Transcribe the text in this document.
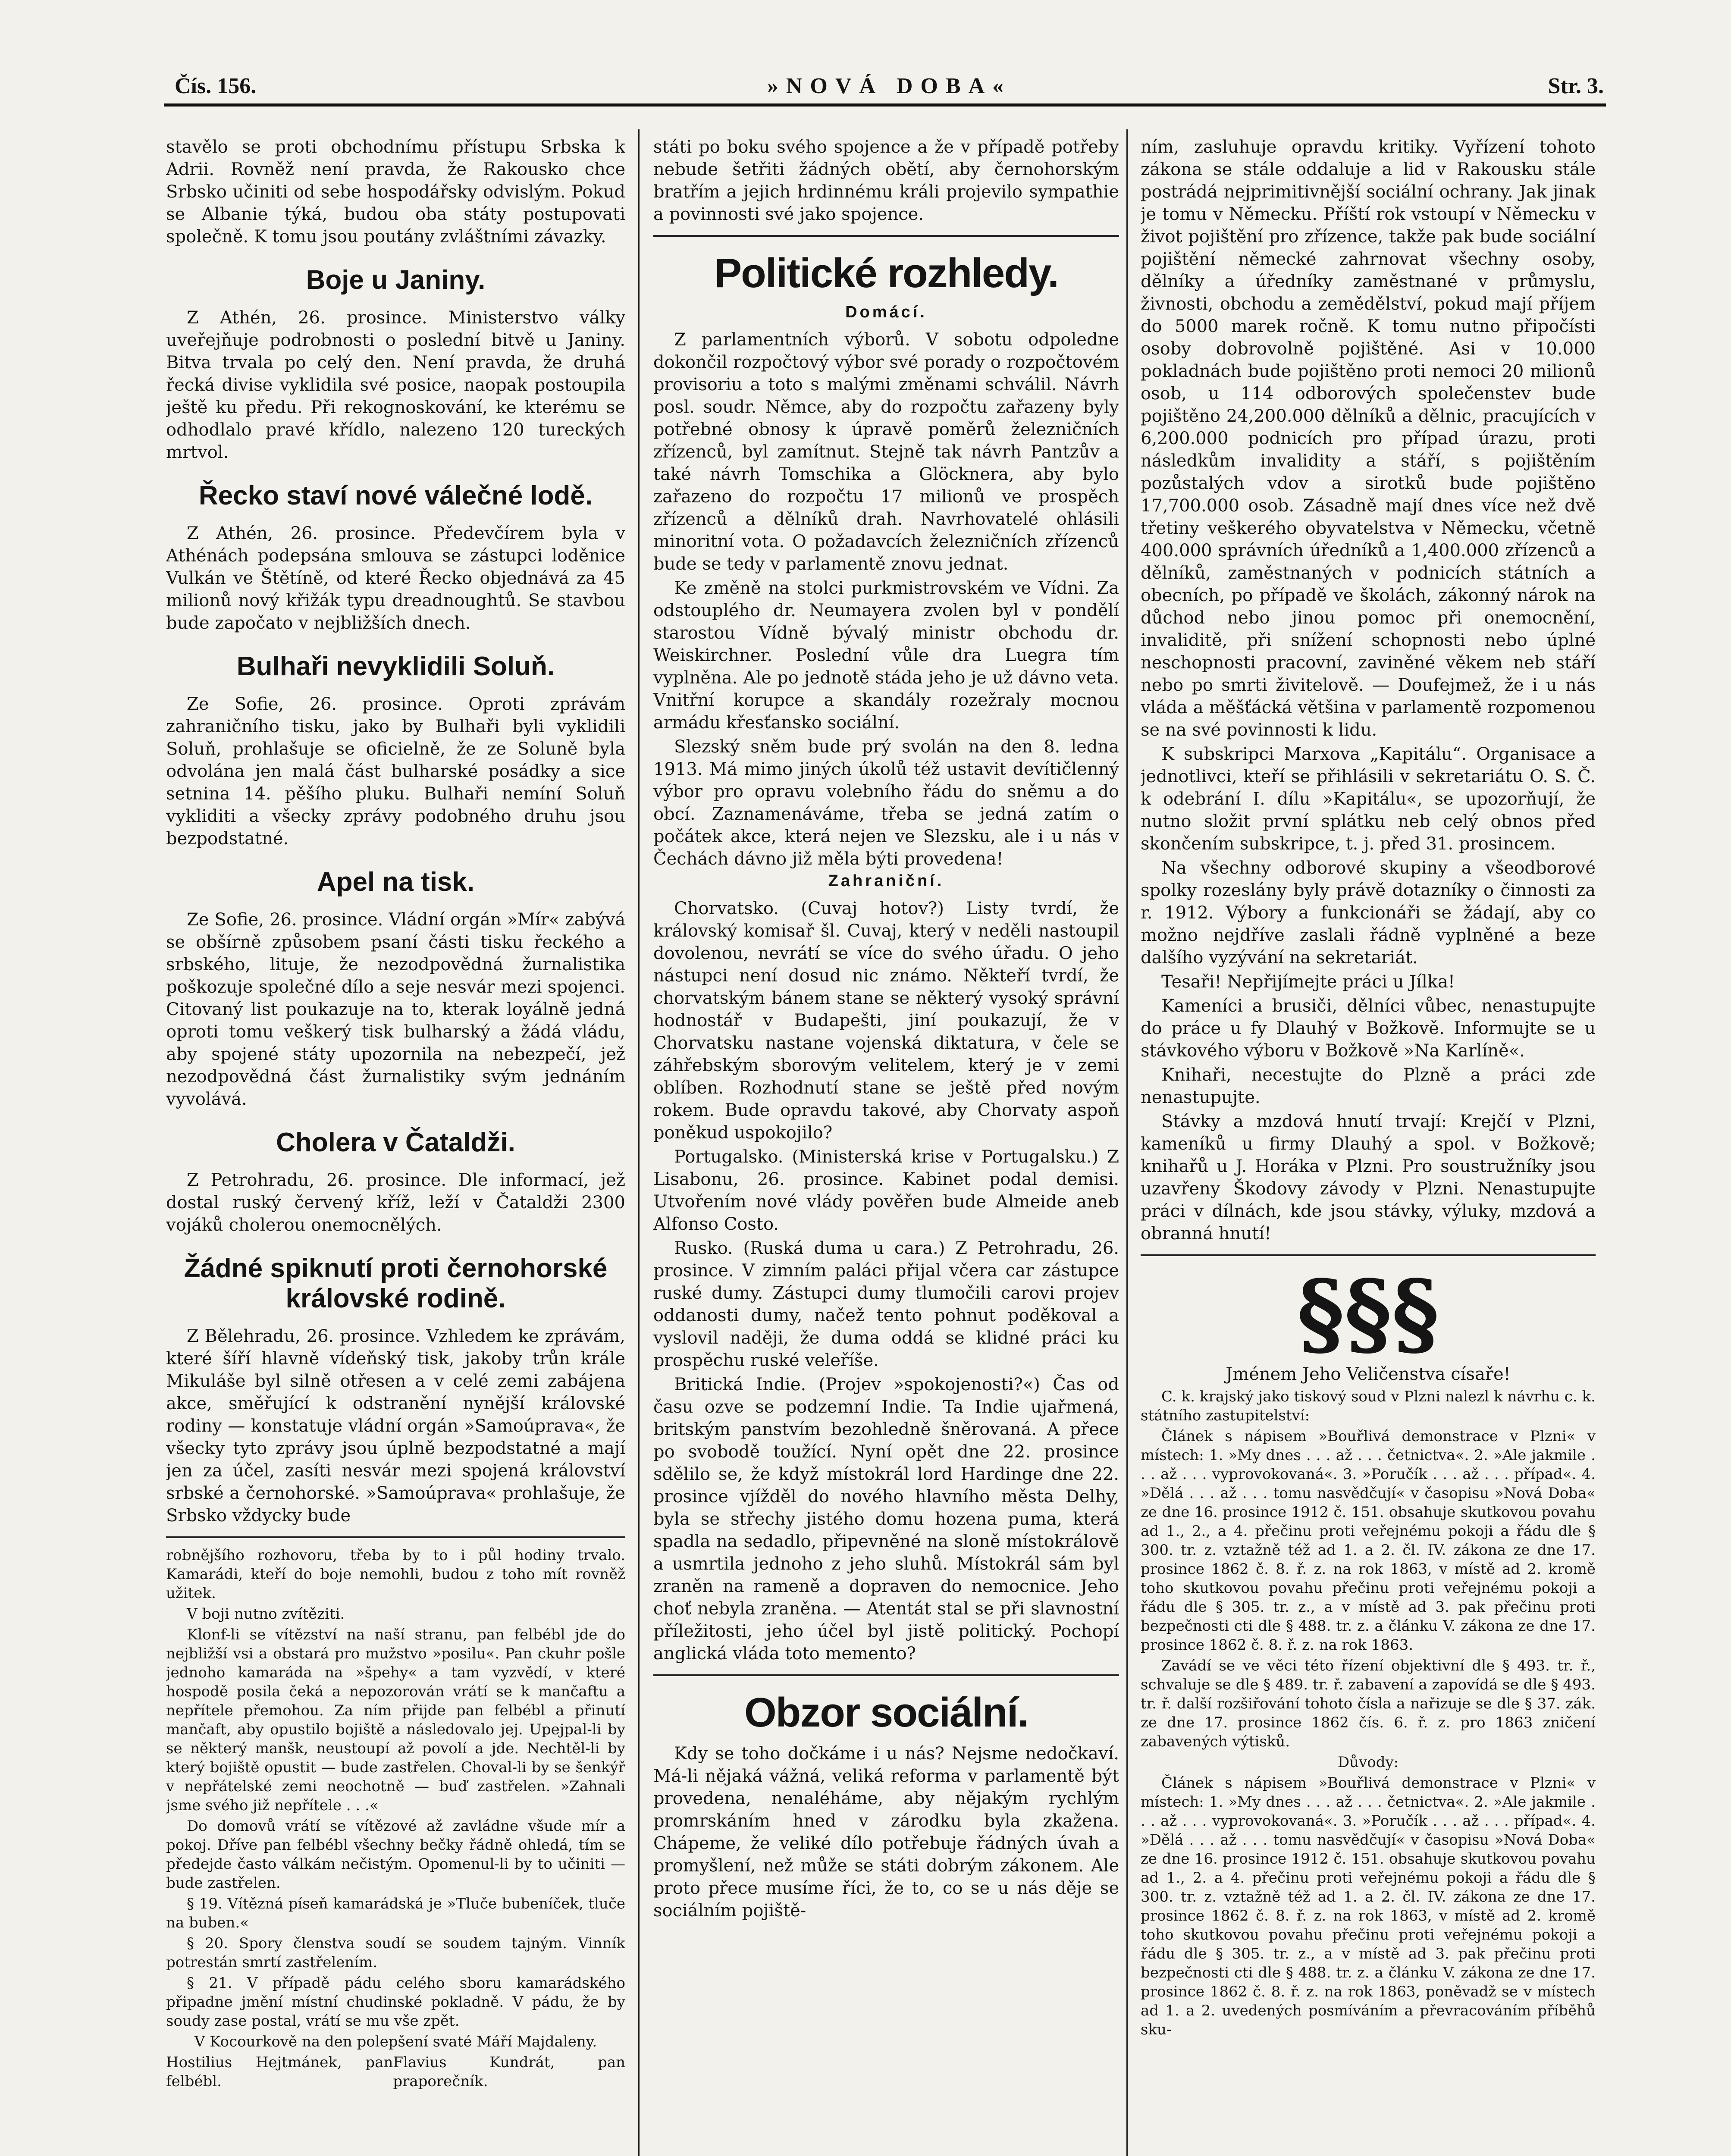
Čís. 156.	»NOVÁ DOBA«	Str. 3.

stavělo se proti obchodnímu přístupu Srbska k Adrii. Rovněž není pravda, že Rakousko chce Srbsko učiniti od sebe hospodářsky odvislým. Pokud se Albanie týká, budou oba státy postupovati společně. K tomu jsou poutány zvláštními závazky.

Boje u Janiny.

Z Athén, 26. prosince. Ministerstvo války uveřejňuje podrobnosti o poslední bitvě u Janiny. Bitva trvala po celý den. Není pravda, že druhá řecká divise vyklidila své posice, naopak postoupila ještě ku předu. Při rekognoskování, ke kterému se odhodlalo pravé křídlo, nalezeno 120 tureckých mrtvol.

Řecko staví nové válečné lodě.

Z Athén, 26. prosince. Předevčírem byla v Athénách podepsána smlouva se zástupci loděnice Vulkán ve Štětíně, od které Řecko objednává za 45 milionů nový křižák typu dreadnoughtů. Se stavbou bude započato v nejbližších dnech.

Bulhaři nevyklidili Soluň.

Ze Sofie, 26. prosince. Oproti zprávám zahraničního tisku, jako by Bulhaři byli vyklidili Soluň, prohlašuje se oficielně, že ze Soluně byla odvolána jen malá část bulharské posádky a sice setnina 14. pěšího pluku. Bulhaři nemíní Soluň vykliditi a všecky zprávy podobného druhu jsou bezpodstatné.

Apel na tisk.

Ze Sofie, 26. prosince. Vládní orgán »Mír« zabývá se obšírně způsobem psaní části tisku řeckého a srbského, lituje, že nezodpovědná žurnalistika poškozuje společné dílo a seje nesvár mezi spojenci. Citovaný list poukazuje na to, kterak loyálně jedná oproti tomu veškerý tisk bulharský a žádá vládu, aby spojené státy upozornila na nebezpečí, jež nezodpovědná část žurnalistiky svým jednáním vyvolává.

Cholera v Čataldži.

Z Petrohradu, 26. prosince. Dle informací, jež dostal ruský červený kříž, leží v Čataldži 2300 vojáků cholerou onemocnělých.

Žádné spiknutí proti černohorské královské rodině.

Z Bělehradu, 26. prosince. Vzhledem ke zprávám, které šíří hlavně vídeňský tisk, jakoby trůn krále Mikuláše byl silně otřesen a v celé zemi zabájena akce, směřující k odstranění nynější královské rodiny — konstatuje vládní orgán »Samoúprava«, že všecky tyto zprávy jsou úplně bezpodstatné a mají jen za účel, zasíti nesvár mezi spojená království srbské a černohorské. »Samoúprava« prohlašuje, že Srbsko vždycky bude

robnějšího rozhovoru, třeba by to i půl hodiny trvalo. Kamarádi, kteří do boje nemohli, budou z toho mít rovněž užitek.

V boji nutno zvítěziti.

Klonf-li se vítězství na naší stranu, pan felbébl jde do nejbližší vsi a obstará pro mužstvo »posilu«. Pan ckuhr pošle jednoho kamaráda na »špehy« a tam vyzvědí, v které hospodě posila čeká a nepozorován vrátí se k mančaftu a nepřítele přemohou. Za ním přijde pan felbébl a přinutí mančaft, aby opustilo bojiště a následovalo jej. Upejpal-li by se některý manšk, neustoupí až povolí a jde. Nechtěl-li by který bojiště opustit — bude zastřelen. Choval-li by se šenkýř v nepřátelské zemi neochotně — buď zastřelen. »Zahnali jsme svého již nepřítele . . .«

Do domovů vrátí se vítězové až zavládne všude mír a pokoj. Dříve pan felbébl všechny bečky řádně ohledá, tím se předejde často válkám nečistým. Opomenul-li by to učiniti — bude zastřelen.

§ 19. Vítězná píseň kamarádská je »Tluče bubeníček, tluče na buben.«

§ 20. Spory členstva soudí se soudem tajným. Vinník potrestán smrtí zastřelením.

§ 21. V případě pádu celého sboru kamarádského připadne jmění místní chudinské pokladně. V pádu, že by soudy zase postal, vrátí se mu vše zpět.

V Kocourkově na den polepšení svaté Máří Majdaleny.

Hostilius Hejtmánek, pan felbébl.
Flavius Kundrát, pan praporečník.

státi po boku svého spojence a že v případě potřeby nebude šetřiti žádných obětí, aby černohorským bratřím a jejich hrdinnému králi projevilo sympathie a povinnosti své jako spojence.

Politické rozhledy.
Domácí.

Z parlamentních výborů. V sobotu odpoledne dokončil rozpočtový výbor své porady o rozpočtovém provisoriu a toto s malými změnami schválil. Návrh posl. soudr. Němce, aby do rozpočtu zařazeny byly potřebné obnosy k úpravě poměrů železničních zřízenců, byl zamítnut. Stejně tak návrh Pantzův a také návrh Tomschika a Glöcknera, aby bylo zařazeno do rozpočtu 17 milionů ve prospěch zřízenců a dělníků drah. Navrhovatelé ohlásili minoritní vota. O požadavcích železničních zřízenců bude se tedy v parlamentě znovu jednat.

Ke změně na stolci purkmistrovském ve Vídni. Za odstouplého dr. Neumayera zvolen byl v pondělí starostou Vídně bývalý ministr obchodu dr. Weiskirchner. Poslední vůle dra Luegra tím vyplněna. Ale po jednotě stáda jeho je už dávno veta. Vnitřní korupce a skandály rozežraly mocnou armádu křesťansko sociální.

Slezský sněm bude prý svolán na den 8. ledna 1913. Má mimo jiných úkolů též ustavit devítičlenný výbor pro opravu volebního řádu do sněmu a do obcí. Zaznamenáváme, třeba se jedná zatím o počátek akce, která nejen ve Slezsku, ale i u nás v Čechách dávno již měla býti provedena!

Zahraniční.

Chorvatsko. (Cuvaj hotov?) Listy tvrdí, že královský komisař šl. Cuvaj, který v neděli nastoupil dovolenou, nevrátí se více do svého úřadu. O jeho nástupci není dosud nic známo. Někteří tvrdí, že chorvatským bánem stane se některý vysoký správní hodnostář v Budapešti, jiní poukazují, že v Chorvatsku nastane vojenská diktatura, v čele se záhřebským sborovým velitelem, který je v zemi oblíben. Rozhodnutí stane se ještě před novým rokem. Bude opravdu takové, aby Chorvaty aspoň poněkud uspokojilo?

Portugalsko. (Ministerská krise v Portugalsku.) Z Lisabonu, 26. prosince. Kabinet podal demisi. Utvořením nové vlády pověřen bude Almeide aneb Alfonso Costo.

Rusko. (Ruská duma u cara.) Z Petrohradu, 26. prosince. V zimním paláci přijal včera car zástupce ruské dumy. Zástupci dumy tlumočili carovi projev oddanosti dumy, načež tento pohnut poděkoval a vyslovil naději, že duma oddá se klidné práci ku prospěchu ruské veleříše.

Britická Indie. (Projev »spokojenosti?«) Čas od času ozve se podzemní Indie. Ta Indie ujařmená, britským panstvím bezohledně šněrovaná. A přece po svobodě toužící. Nyní opět dne 22. prosince sdělilo se, že když místokrál lord Hardinge dne 22. prosince vjížděl do nového hlavního města Delhy, byla se střechy jistého domu hozena puma, která spadla na sedadlo, připevněné na sloně místokrálově a usmrtila jednoho z jeho sluhů. Místokrál sám byl zraněn na rameně a dopraven do nemocnice. Jeho choť nebyla zraněna. — Atentát stal se při slavnostní příležitosti, jeho účel byl jistě politický. Pochopí anglická vláda toto memento?

Obzor sociální.

Kdy se toho dočkáme i u nás? Nejsme nedočkaví. Má-li nějaká vážná, veliká reforma v parlamentě být provedena, nenaléháme, aby nějakým rychlým promrskáním hned v zárodku byla zkažena. Chápeme, že veliké dílo potřebuje řádných úvah a promyšlení, než může se státi dobrým zákonem. Ale proto přece musíme říci, že to, co se u nás děje se sociálním pojiště-

ním, zasluhuje opravdu kritiky. Vyřízení tohoto zákona se stále oddaluje a lid v Rakousku stále postrádá nejprimitivnější sociální ochrany. Jak jinak je tomu v Německu. Příští rok vstoupí v Německu v život pojištění pro zřízence, takže pak bude sociální pojištění německé zahrnovat všechny osoby, dělníky a úředníky zaměstnané v průmyslu, živnosti, obchodu a zemědělství, pokud mají příjem do 5000 marek ročně. K tomu nutno připočísti osoby dobrovolně pojištěné. Asi v 10.000 pokladnách bude pojištěno proti nemoci 20 milionů osob, u 114 odborových společenstev bude pojištěno 24,200.000 dělníků a dělnic, pracujících v 6,200.000 podnicích pro případ úrazu, proti následkům invalidity a stáří, s pojištěním pozůstalých vdov a sirotků bude pojištěno 17,700.000 osob. Zásadně mají dnes více než dvě třetiny veškerého obyvatelstva v Německu, včetně 400.000 správních úředníků a 1,400.000 zřízenců a dělníků, zaměstnaných v podnicích státních a obecních, po případě ve školách, zákonný nárok na důchod nebo jinou pomoc při onemocnění, invaliditě, při snížení schopnosti nebo úplné neschopnosti pracovní, zaviněné věkem neb stáří nebo po smrti živitelově. — Doufejmež, že i u nás vláda a měšťácká většina v parlamentě rozpomenou se na své povinnosti k lidu.

K subskripci Marxova „Kapitálu“. Organisace a jednotlivci, kteří se přihlásili v sekretariátu O. S. Č. k odebrání I. dílu »Kapitálu«, se upozorňují, že nutno složit první splátku neb celý obnos před skončením subskripce, t. j. před 31. prosincem.

Na všechny odborové skupiny a všeodborové spolky rozeslány byly právě dotazníky o činnosti za r. 1912. Výbory a funkcionáři se žádají, aby co možno nejdříve zaslali řádně vyplněné a beze dalšího vyzývání na sekretariát.

Tesaři! Nepřijímejte práci u Jílka!

Kameníci a brusiči, dělníci vůbec, nenastupujte do práce u fy Dlauhý v Božkově. Informujte se u stávkového výboru v Božkově »Na Karlíně«.

Knihaři, necestujte do Plzně a práci zde nenastupujte.

Stávky a mzdová hnutí trvají: Krejčí v Plzni, kameníků u firmy Dlauhý a spol. v Božkově; knihařů u J. Horáka v Plzni. Pro soustružníky jsou uzavřeny Škodovy závody v Plzni. Nenastupujte práci v dílnách, kde jsou stávky, výluky, mzdová a obranná hnutí!

§§§

Jménem Jeho Veličenstva císaře!

C. k. krajský jako tiskový soud v Plzni nalezl k návrhu c. k. státního zastupitelství:

Článek s nápisem »Bouřlivá demonstrace v Plzni« v místech: 1. »My dnes . . . až . . . četnictva«. 2. »Ale jakmile . . . až . . . vyprovokovaná«. 3. »Poručík . . . až . . . případ«. 4. »Dělá . . . až . . . tomu nasvědčují« v časopisu »Nová Doba« ze dne 16. prosince 1912 č. 151. obsahuje skutkovou povahu ad 1., 2., a 4. přečinu proti veřejnému pokoji a řádu dle § 300. tr. z. vztažně též ad 1. a 2. čl. IV. zákona ze dne 17. prosince 1862 č. 8. ř. z. na rok 1863, v místě ad 2. kromě toho skutkovou povahu přečinu proti veřejnému pokoji a řádu dle § 305. tr. z., a v místě ad 3. pak přečinu proti bezpečnosti cti dle § 488. tr. z. a článku V. zákona ze dne 17. prosince 1862 č. 8. ř. z. na rok 1863.

Zavádí se ve věci této řízení objektivní dle § 493. tr. ř., schvaluje se dle § 489. tr. ř. zabavení a zapovídá se dle § 493. tr. ř. další rozšiřování tohoto čísla a nařizuje se dle § 37. zák. ze dne 17. prosince 1862 čís. 6. ř. z. pro 1863 zničení zabavených výtisků.

Důvody:

Článek s nápisem »Bouřlivá demonstrace v Plzni« v místech: 1. »My dnes . . . až . . . četnictva«. 2. »Ale jakmile . . . až . . . vyprovokovaná«. 3. »Poručík . . . až . . . případ«. 4. »Dělá . . . až . . . tomu nasvědčují« v časopisu »Nová Doba« ze dne 16. prosince 1912 č. 151. obsahuje skutkovou povahu ad 1., 2. a 4. přečinu proti veřejnému pokoji a řádu dle § 300. tr. z. vztažně též ad 1. a 2. čl. IV. zákona ze dne 17. prosince 1862 č. 8. ř. z. na rok 1863, v místě ad 2. kromě toho skutkovou povahu přečinu proti veřejnému pokoji a řádu dle § 305. tr. z., a v místě ad 3. pak přečinu proti bezpečnosti cti dle § 488. tr. z. a článku V. zákona ze dne 17. prosince 1862 č. 8. ř. z. na rok 1863, poněvadž se v místech ad 1. a 2. uvedených posmíváním a převracováním příběhů sku-
